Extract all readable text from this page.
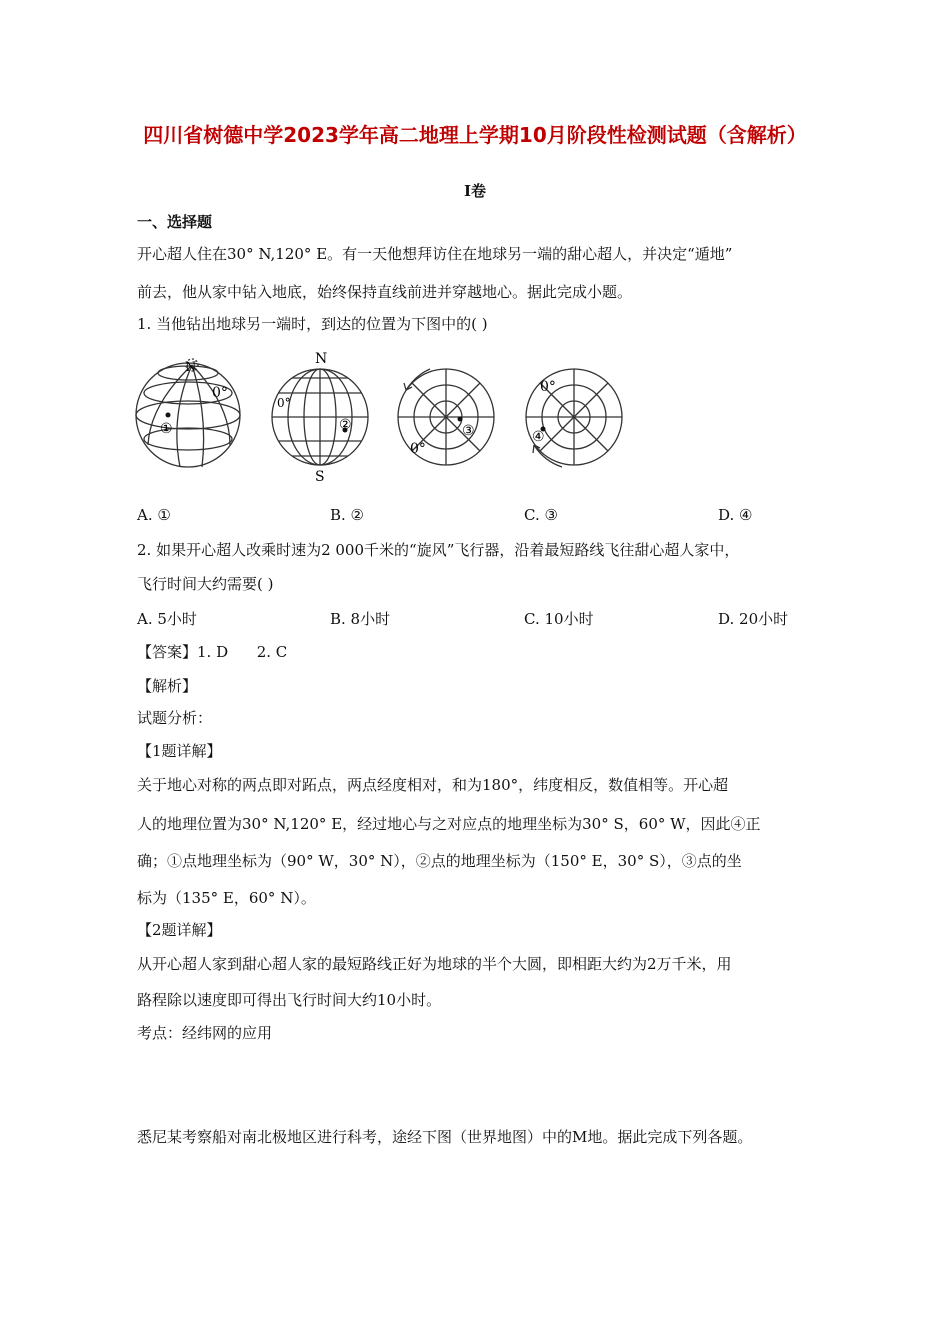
四川省树德中学2023学年高二地理上学期10月阶段性检测试题（含解析）
I卷
一、选择题
开心超人住在30° N,120° E。有一天他想拜访住在地球另一端的甜心超人，并决定“遁地”
前去，他从家中钻入地底，始终保持直线前进并穿越地心。据此完成小题。
1. 当他钻出地球另一端时，到达的位置为下图中的( )
N
0°
①
N
S
0°
②
0°
③
0°
④
A. ①	B. ②	C. ③	D. ④
2. 如果开心超人改乘时速为2 000千米的“旋风”飞行器，沿着最短路线飞往甜心超人家中，
飞行时间大约需要( )
A. 5小时	B. 8小时	C. 10小时	D. 20小时
【答案】1. D      2. C
【解析】
试题分析：
【1题详解】
关于地心对称的两点即对跖点，两点经度相对，和为180°，纬度相反，数值相等。开心超
人的地理位置为30° N,120° E，经过地心与之对应点的地理坐标为30° S，60° W，因此④正
确；①点地理坐标为（90° W，30° N），②点的地理坐标为（150° E，30° S），③点的坐
标为（135° E，60° N）。
【2题详解】
从开心超人家到甜心超人家的最短路线正好为地球的半个大圆，即相距大约为2万千米，用
路程除以速度即可得出飞行时间大约10小时。
考点：经纬网的应用
悉尼某考察船对南北极地区进行科考，途经下图（世界地图）中的M地。据此完成下列各题。
